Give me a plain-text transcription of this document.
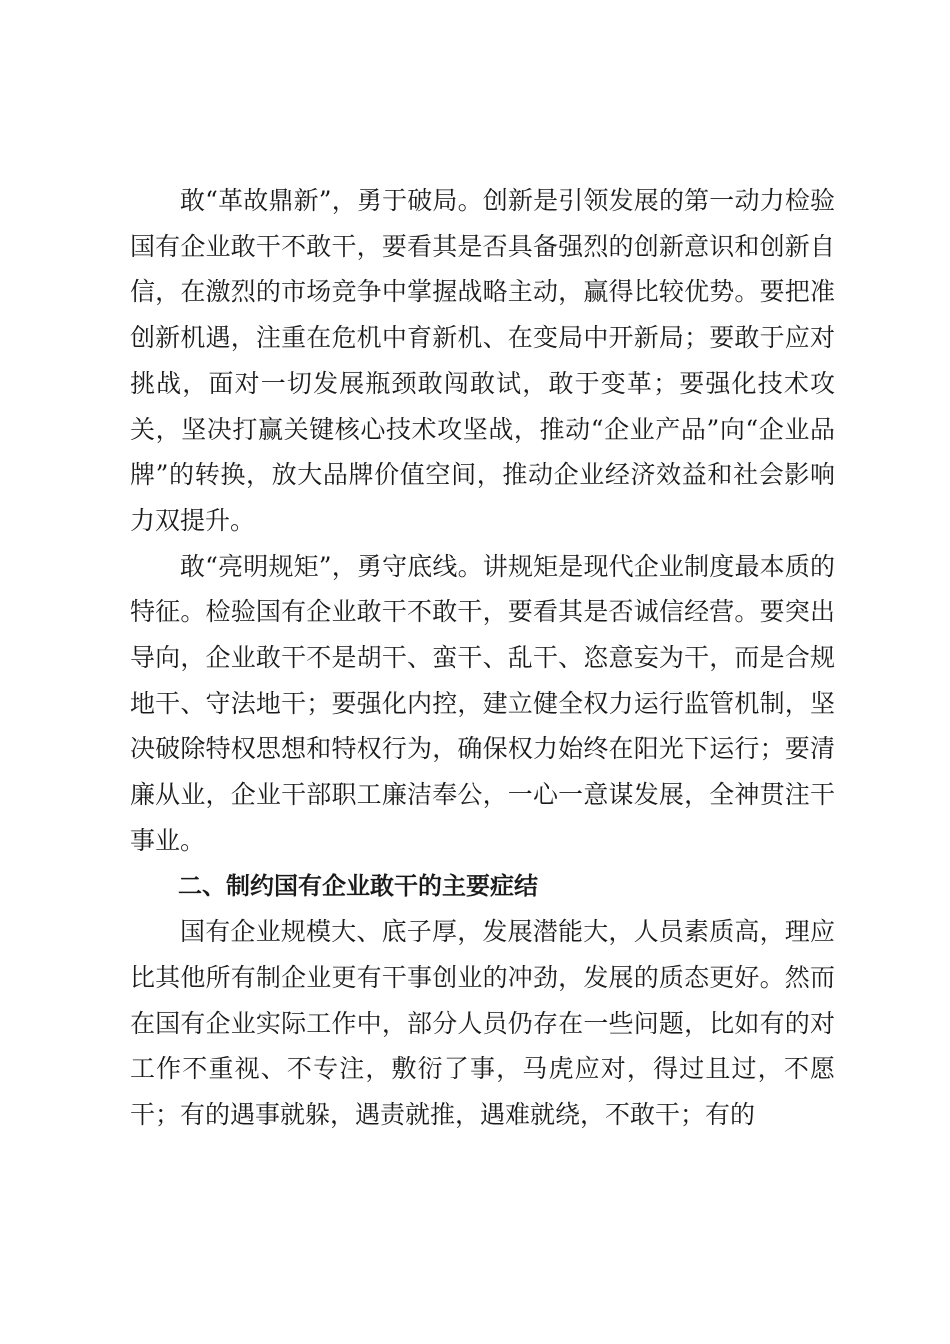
敢“革故鼎新”，勇于破局。创新是引领发展的第一动力检验国有企业敢干不敢干，要看其是否具备强烈的创新意识和创新自信，在激烈的市场竞争中掌握战略主动，赢得比较优势。要把准创新机遇，注重在危机中育新机、在变局中开新局；要敢于应对挑战，面对一切发展瓶颈敢闯敢试，敢于变革；要强化技术攻关，坚决打赢关键核心技术攻坚战，推动“企业产品”向“企业品牌”的转换，放大品牌价值空间，推动企业经济效益和社会影响力双提升。

敢“亮明规矩”，勇守底线。讲规矩是现代企业制度最本质的特征。检验国有企业敢干不敢干，要看其是否诚信经营。要突出导向，企业敢干不是胡干、蛮干、乱干、恣意妄为干，而是合规地干、守法地干；要强化内控，建立健全权力运行监管机制，坚决破除特权思想和特权行为，确保权力始终在阳光下运行；要清廉从业，企业干部职工廉洁奉公，一心一意谋发展，全神贯注干事业。

二、制约国有企业敢干的主要症结

国有企业规模大、底子厚，发展潜能大，人员素质高，理应比其他所有制企业更有干事创业的冲劲，发展的质态更好。然而在国有企业实际工作中，部分人员仍存在一些问题，比如有的对工作不重视、不专注，敷衍了事，马虎应对，得过且过，不愿干；有的遇事就躲，遇责就推，遇难就绕，不敢干；有的
